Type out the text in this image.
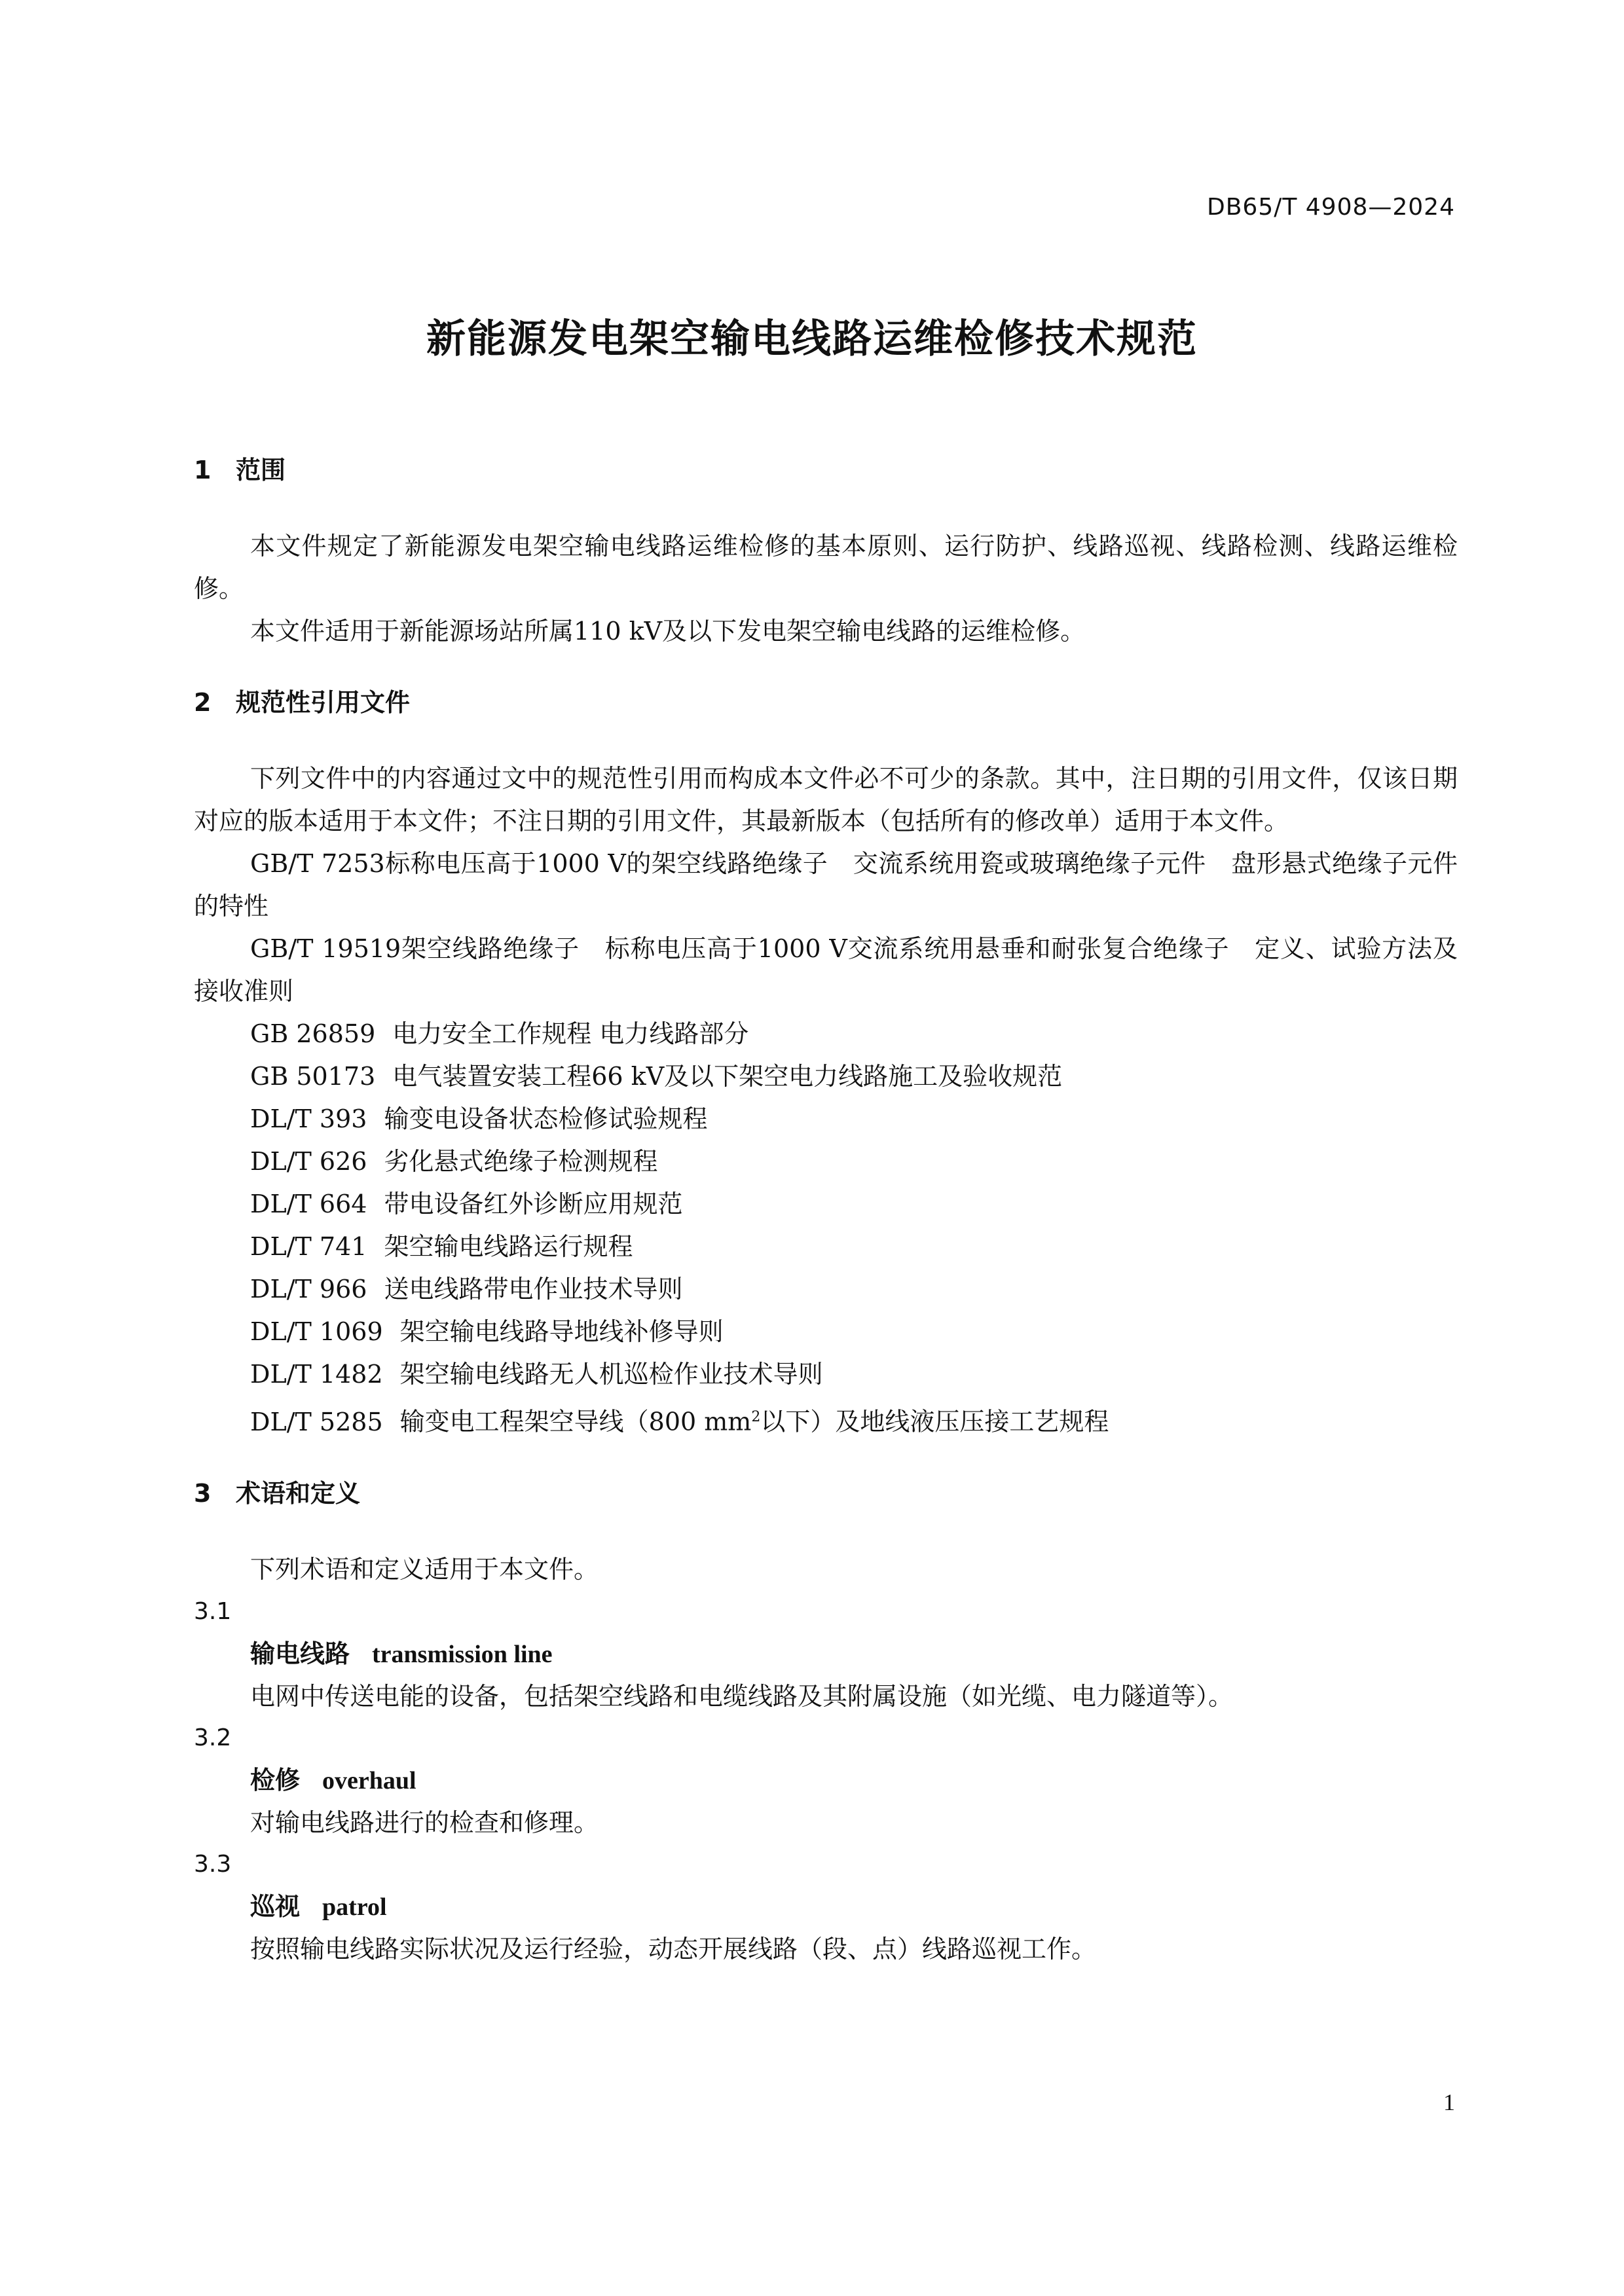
DB65/T 4908—2024
新能源发电架空输电线路运维检修技术规范
1 范围

本文件规定了新能源发电架空输电线路运维检修的基本原则、运行防护、线路巡视、线路检测、线路运维检修。

本文件适用于新能源场站所属110 kV及以下发电架空输电线路的运维检修。

2 规范性引用文件

下列文件中的内容通过文中的规范性引用而构成本文件必不可少的条款。其中，注日期的引用文件，仅该日期对应的版本适用于本文件；不注日期的引用文件，其最新版本（包括所有的修改单）适用于本文件。

GB/T 7253标称电压高于1000 V的架空线路绝缘子　交流系统用瓷或玻璃绝缘子元件　盘形悬式绝缘子元件的特性

GB/T 19519架空线路绝缘子　标称电压高于1000 V交流系统用悬垂和耐张复合绝缘子　定义、试验方法及接收准则

GB 26859 电力安全工作规程 电力线路部分

GB 50173 电气装置安装工程66 kV及以下架空电力线路施工及验收规范

DL/T 393 输变电设备状态检修试验规程

DL/T 626 劣化悬式绝缘子检测规程

DL/T 664 带电设备红外诊断应用规范

DL/T 741 架空输电线路运行规程

DL/T 966 送电线路带电作业技术导则

DL/T 1069 架空输电线路导地线补修导则

DL/T 1482 架空输电线路无人机巡检作业技术导则

DL/T 5285 输变电工程架空导线（800 $mm^2$以下）及地线液压压接工艺规程

3 术语和定义

下列术语和定义适用于本文件。

3.1
输电线路 transmission line
电网中传送电能的设备，包括架空线路和电缆线路及其附属设施（如光缆、电力隧道等）。
3.2
检修 overhaul
对输电线路进行的检查和修理。
3.3
巡视 patrol
按照输电线路实际状况及运行经验，动态开展线路（段、点）线路巡视工作。
1
